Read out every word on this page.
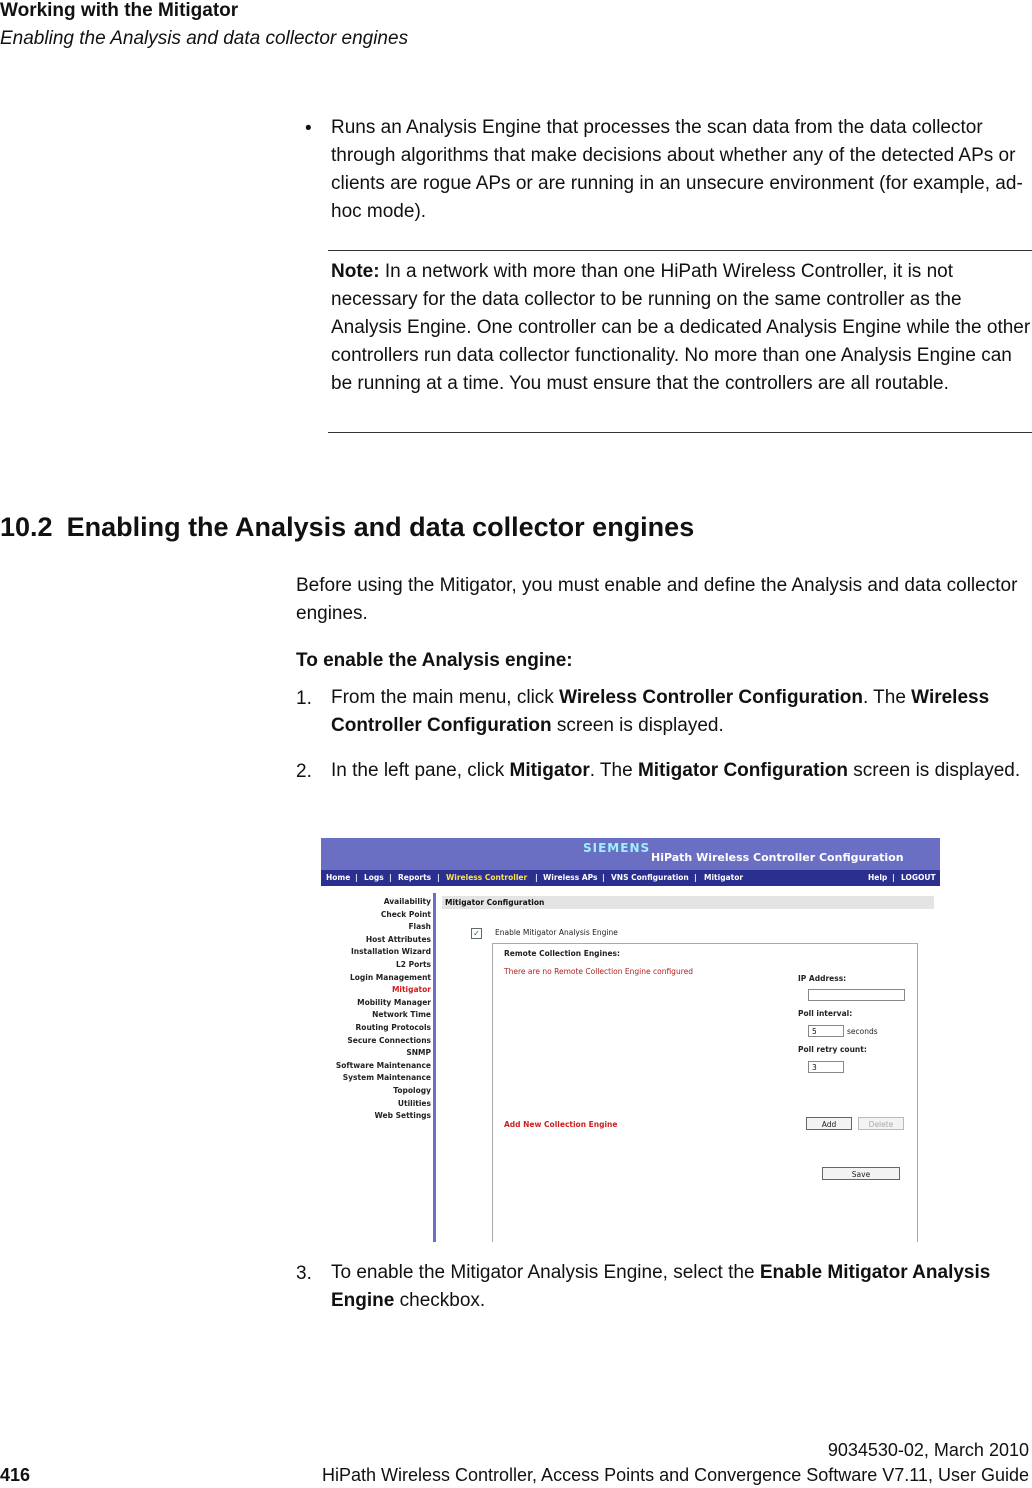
Working with the Mitigator
Enabling the Analysis and data collector engines
• Runs an Analysis Engine that processes the scan data from the data collector through algorithms that make decisions about whether any of the detected APs or clients are rogue APs or are running in an unsecure environment (for example, ad-hoc mode).
Note: In a network with more than one HiPath Wireless Controller, it is not necessary for the data collector to be running on the same controller as the Analysis Engine. One controller can be a dedicated Analysis Engine while the other controllers run data collector functionality. No more than one Analysis Engine can be running at a time. You must ensure that the controllers are all routable.
10.2 Enabling the Analysis and data collector engines
Before using the Mitigator, you must enable and define the Analysis and data collector engines.
To enable the Analysis engine:
1. From the main menu, click Wireless Controller Configuration. The Wireless Controller Configuration screen is displayed.
2. In the left pane, click Mitigator. The Mitigator Configuration screen is displayed.
SIEMENS
HiPath Wireless Controller Configuration
Home | Logs | Reports | Wireless Controller | Wireless APs | VNS Configuration | Mitigator	Help | LOGOUT
Availability
Check Point
Flash
Host Attributes
Installation Wizard
L2 Ports
Login Management
Mitigator
Mobility Manager
Network Time
Routing Protocols
Secure Connections
SNMP
Software Maintenance
System Maintenance
Topology
Utilities
Web Settings
Mitigator Configuration
✓ Enable Mitigator Analysis Engine
Remote Collection Engines:
There are no Remote Collection Engine configured
IP Address:
Poll interval:
5	seconds
Poll retry count:
3
Add New Collection Engine	Add	Delete
Save
3. To enable the Mitigator Analysis Engine, select the Enable Mitigator Analysis Engine checkbox.
9034530-02, March 2010
416	HiPath Wireless Controller, Access Points and Convergence Software V7.11, User Guide
